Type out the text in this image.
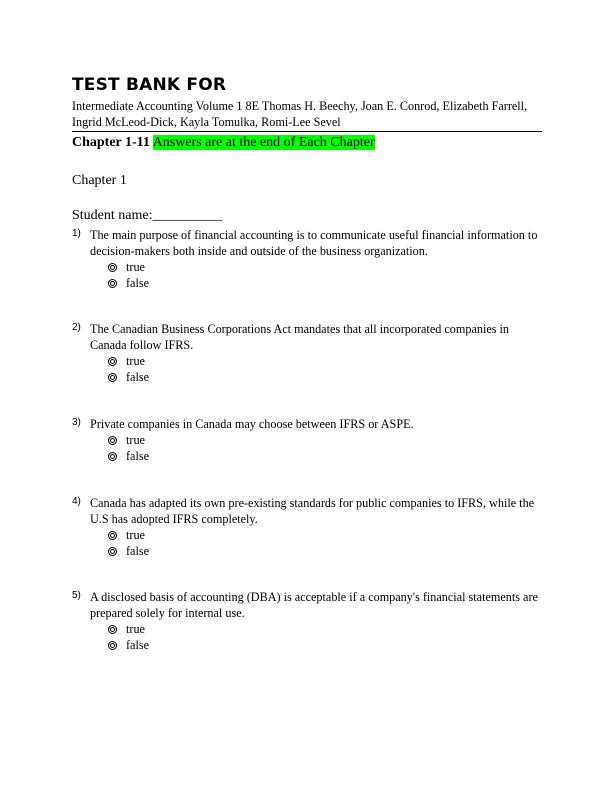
TEST BANK FOR
Intermediate Accounting Volume 1 8E Thomas H. Beechy, Joan E. Conrod, Elizabeth Farrell, Ingrid McLeod-Dick, Kayla Tomulka, Romi-Lee Sevel
Chapter 1-11 Answers are at the end of Each Chapter
Chapter 1
Student name:__________
1) The main purpose of financial accounting is to communicate useful financial information to decision-makers both inside and outside of the business organization.
true
false
2) The Canadian Business Corporations Act mandates that all incorporated companies in Canada follow IFRS.
true
false
3) Private companies in Canada may choose between IFRS or ASPE.
true
false
4) Canada has adapted its own pre-existing standards for public companies to IFRS, while the U.S has adopted IFRS completely.
true
false
5) A disclosed basis of accounting (DBA) is acceptable if a company's financial statements are prepared solely for internal use.
true
false
